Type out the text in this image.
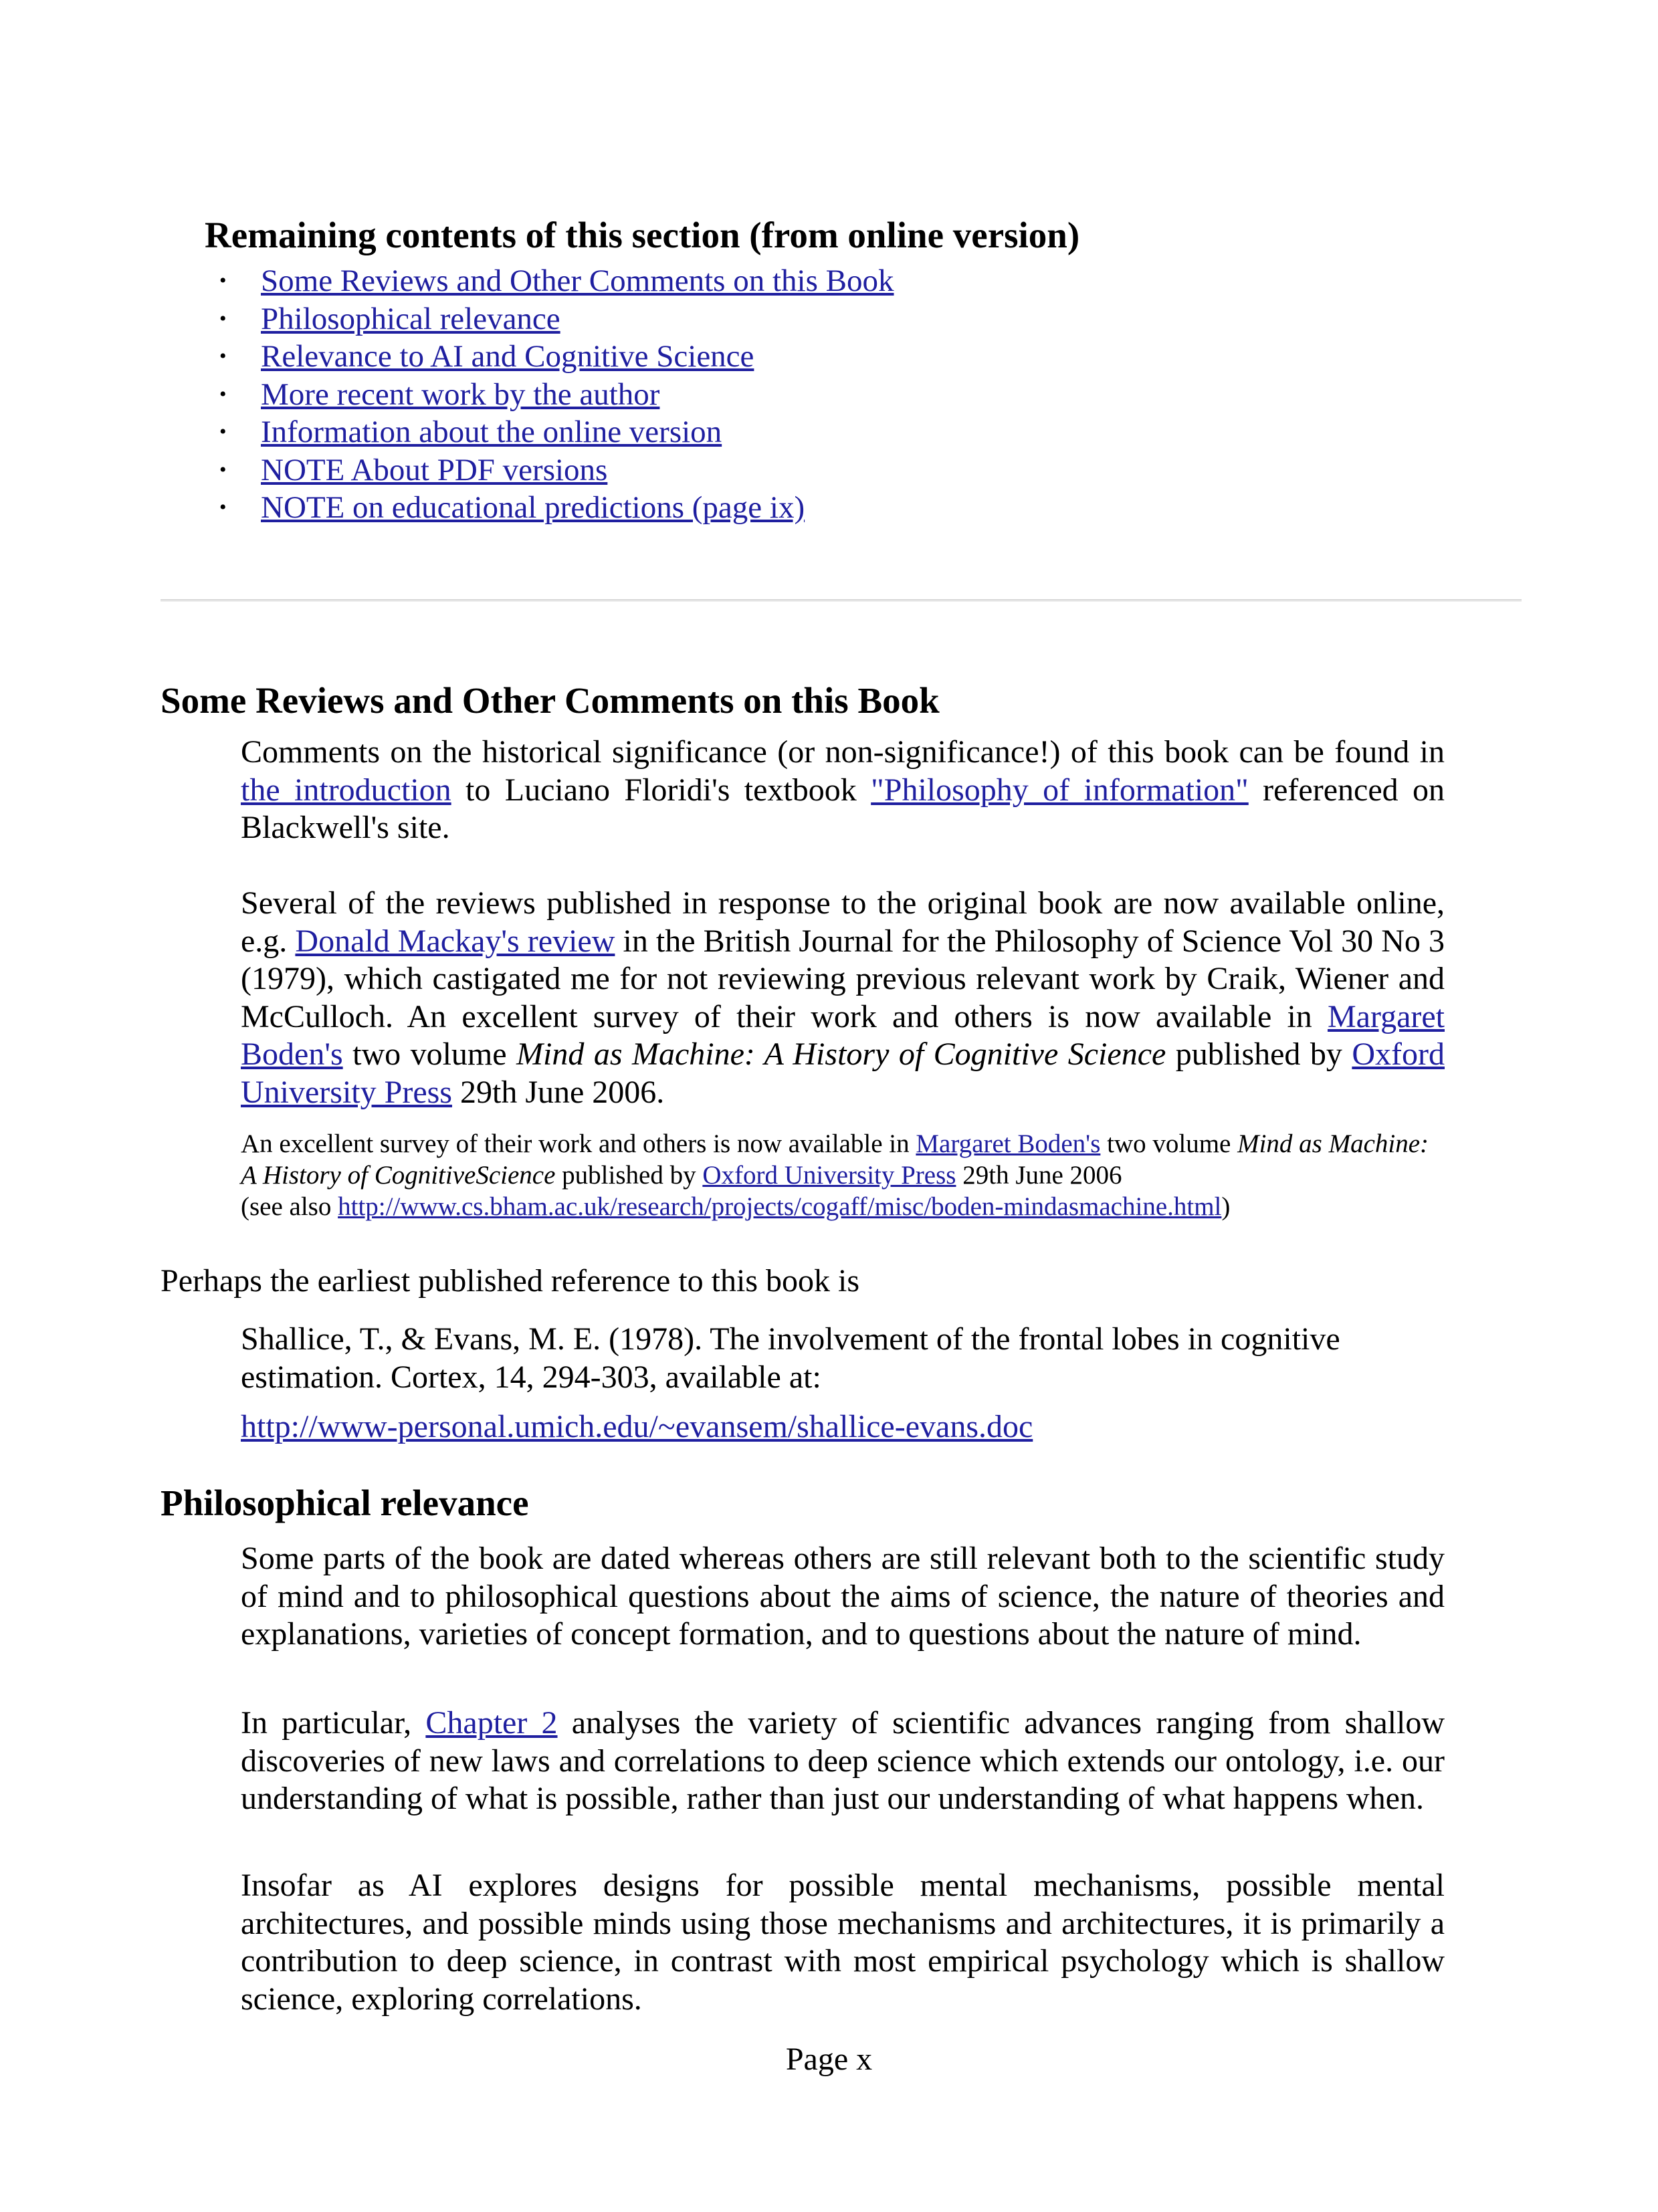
Remaining contents of this section (from online version)
• Some Reviews and Other Comments on this Book
• Philosophical relevance
• Relevance to AI and Cognitive Science
• More recent work by the author
• Information about the online version
• NOTE About PDF versions
• NOTE on educational predictions (page ix)
Some Reviews and Other Comments on this Book
Comments on the historical significance (or non-significance!) of this book can be found in the introduction to Luciano Floridi's textbook "Philosophy of information" referenced on Blackwell's site.
Several of the reviews published in response to the original book are now available online, e.g. Donald Mackay's review in the British Journal for the Philosophy of Science Vol 30 No 3 (1979), which castigated me for not reviewing previous relevant work by Craik, Wiener and McCulloch. An excellent survey of their work and others is now available in Margaret Boden's two volume Mind as Machine: A History of Cognitive Science published by Oxford University Press 29th June 2006.
An excellent survey of their work and others is now available in Margaret Boden's two volume Mind as Machine: A History of CognitiveScience published by Oxford University Press 29th June 2006
(see also http://www.cs.bham.ac.uk/research/projects/cogaff/misc/boden-mindasmachine.html)
Perhaps the earliest published reference to this book is
Shallice, T., & Evans, M. E. (1978). The involvement of the frontal lobes in cognitive estimation. Cortex, 14, 294-303, available at:
http://www-personal.umich.edu/~evansem/shallice-evans.doc
Philosophical relevance
Some parts of the book are dated whereas others are still relevant both to the scientific study of mind and to philosophical questions about the aims of science, the nature of theories and explanations, varieties of concept formation, and to questions about the nature of mind.
In particular, Chapter 2 analyses the variety of scientific advances ranging from shallow discoveries of new laws and correlations to deep science which extends our ontology, i.e. our understanding of what is possible, rather than just our understanding of what happens when.
Insofar as AI explores designs for possible mental mechanisms, possible mental architectures, and possible minds using those mechanisms and architectures, it is primarily a contribution to deep science, in contrast with most empirical psychology which is shallow science, exploring correlations.
Page x
